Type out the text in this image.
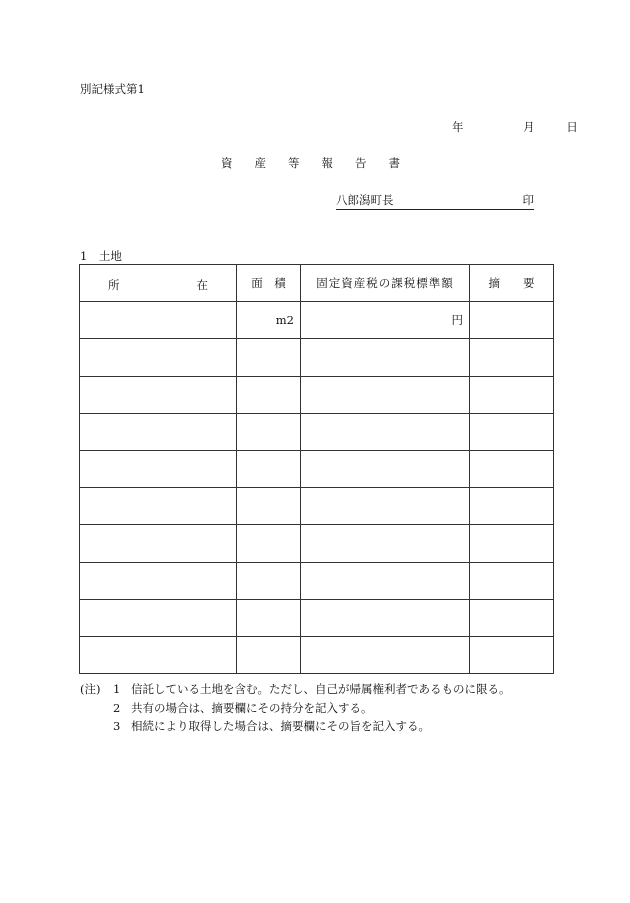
別記様式第1
年	月	日
資産等報告書
八郎潟町長	印
1　土地
所 在	面　積	固定資産税の課税標準額	摘　　要
	m2	円	

(注) 1 信託している土地を含む。ただし、自己が帰属権利者であるものに限る。
2 共有の場合は、摘要欄にその持分を記入する。
3 相続により取得した場合は、摘要欄にその旨を記入する。
